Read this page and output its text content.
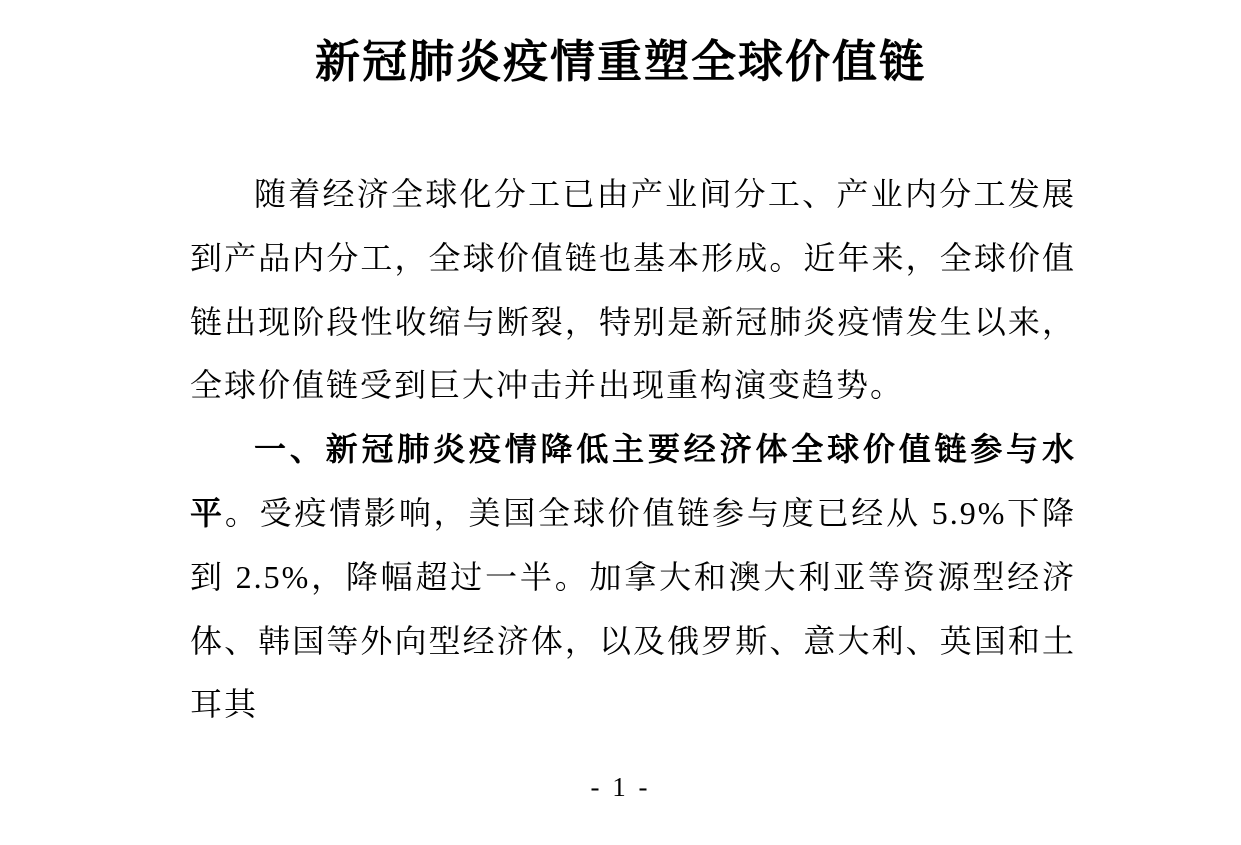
新冠肺炎疫情重塑全球价值链

随着经济全球化分工已由产业间分工、产业内分工发展到产品内分工，全球价值链也基本形成。近年来，全球价值链出现阶段性收缩与断裂，特别是新冠肺炎疫情发生以来，全球价值链受到巨大冲击并出现重构演变趋势。

一、新冠肺炎疫情降低主要经济体全球价值链参与水平。受疫情影响，美国全球价值链参与度已经从 5.9%下降到 2.5%，降幅超过一半。加拿大和澳大利亚等资源型经济体、韩国等外向型经济体，以及俄罗斯、意大利、英国和土耳其

- 1 -
